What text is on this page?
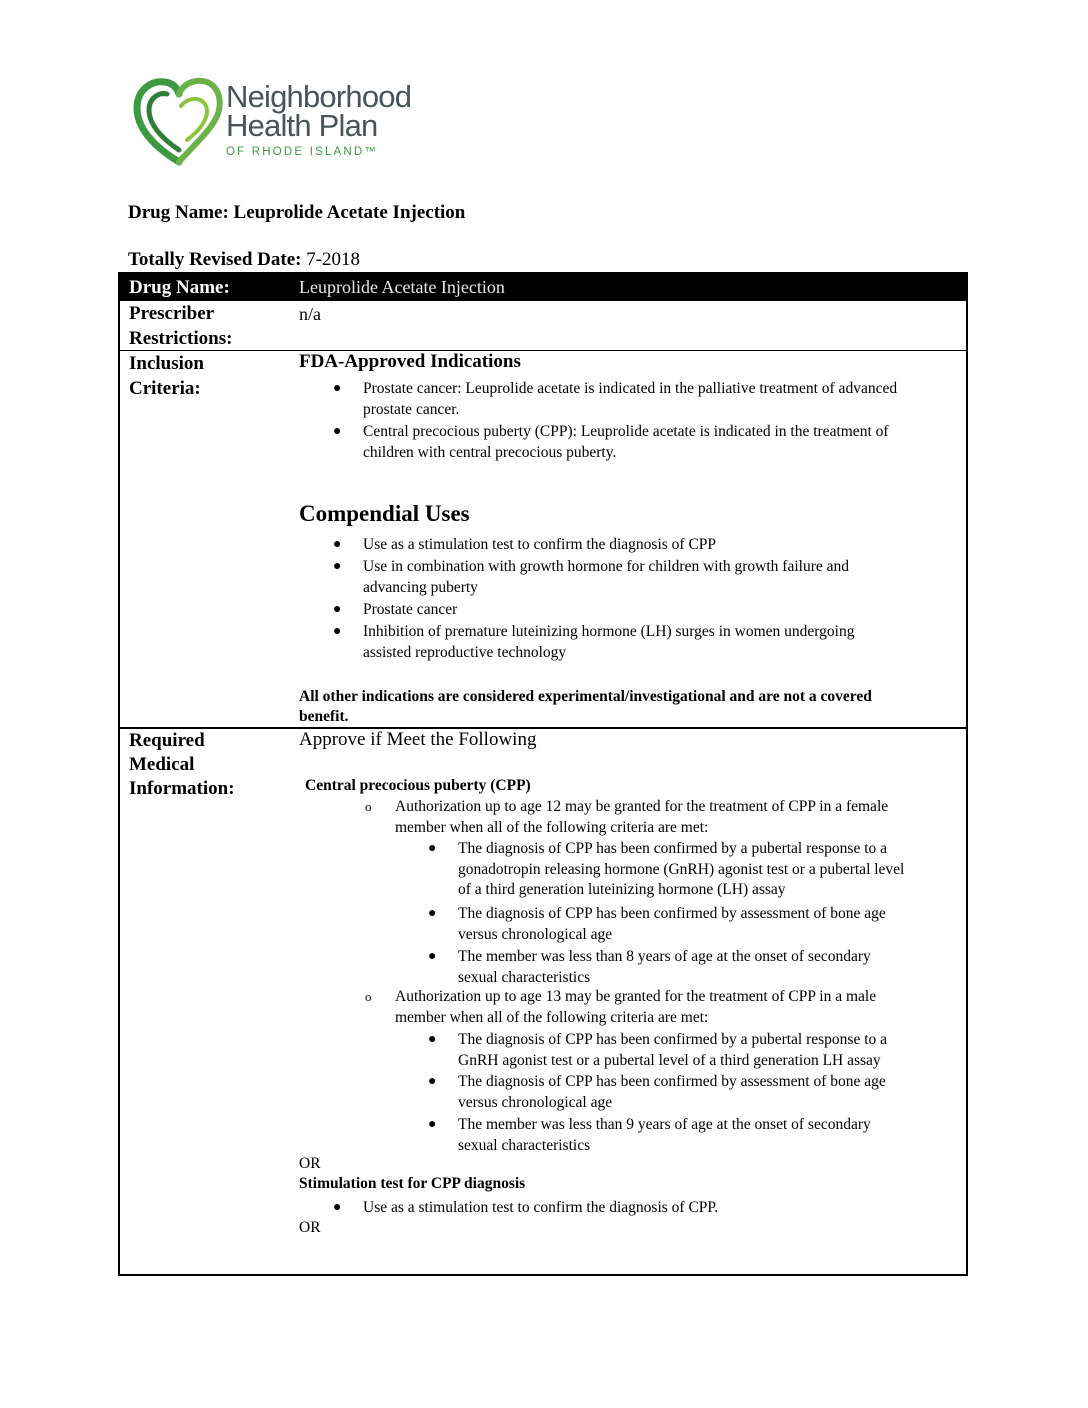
Neighborhood
Health Plan
OF RHODE ISLAND™
Drug Name: Leuprolide Acetate Injection
Totally Revised Date: 7-2018
Drug Name:	Leuprolide Acetate Injection
Prescriber
Restrictions:
n/a
Inclusion
Criteria:
FDA-Approved Indications
● Prostate cancer: Leuprolide acetate is indicated in the palliative treatment of advanced
prostate cancer.
● Central precocious puberty (CPP): Leuprolide acetate is indicated in the treatment of
children with central precocious puberty.
Compendial Uses
● Use as a stimulation test to confirm the diagnosis of CPP
● Use in combination with growth hormone for children with growth failure and
advancing puberty
● Prostate cancer
● Inhibition of premature luteinizing hormone (LH) surges in women undergoing
assisted reproductive technology
All other indications are considered experimental/investigational and are not a covered
benefit.
Required
Medical
Information:
Approve if Meet the Following
Central precocious puberty (CPP)
o Authorization up to age 12 may be granted for the treatment of CPP in a female
member when all of the following criteria are met:
● The diagnosis of CPP has been confirmed by a pubertal response to a
gonadotropin releasing hormone (GnRH) agonist test or a pubertal level
of a third generation luteinizing hormone (LH) assay
● The diagnosis of CPP has been confirmed by assessment of bone age
versus chronological age
● The member was less than 8 years of age at the onset of secondary
sexual characteristics
o Authorization up to age 13 may be granted for the treatment of CPP in a male
member when all of the following criteria are met:
● The diagnosis of CPP has been confirmed by a pubertal response to a
GnRH agonist test or a pubertal level of a third generation LH assay
● The diagnosis of CPP has been confirmed by assessment of bone age
versus chronological age
● The member was less than 9 years of age at the onset of secondary
sexual characteristics
OR
Stimulation test for CPP diagnosis
● Use as a stimulation test to confirm the diagnosis of CPP.
OR
